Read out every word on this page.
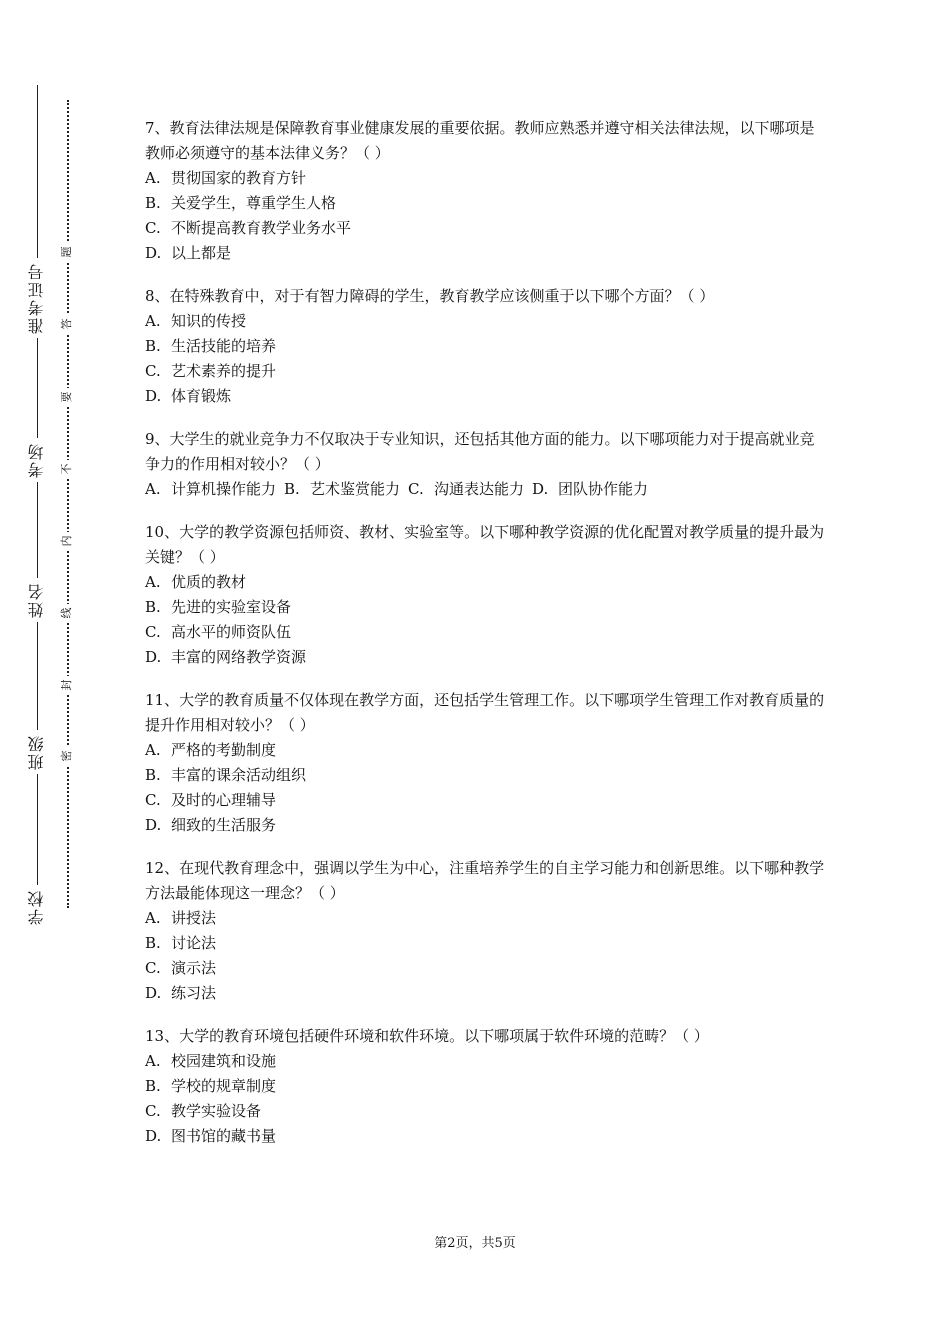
准考证号
考场
姓名
班级
学校
题
答
要
不
内
线
封
密

7、教育法律法规是保障教育事业健康发展的重要依据。教师应熟悉并遵守相关法律法规，以下哪项是教师必须遵守的基本法律义务？（ ）

A. 贯彻国家的教育方针

B. 关爱学生，尊重学生人格

C. 不断提高教育教学业务水平

D. 以上都是

8、在特殊教育中，对于有智力障碍的学生，教育教学应该侧重于以下哪个方面？（ ）

A. 知识的传授

B. 生活技能的培养

C. 艺术素养的提升

D. 体育锻炼

9、大学生的就业竞争力不仅取决于专业知识，还包括其他方面的能力。以下哪项能力对于提高就业竞争力的作用相对较小？（ ）

A. 计算机操作能力 B. 艺术鉴赏能力 C. 沟通表达能力 D. 团队协作能力

10、大学的教学资源包括师资、教材、实验室等。以下哪种教学资源的优化配置对教学质量的提升最为关键？（ ）

A. 优质的教材

B. 先进的实验室设备

C. 高水平的师资队伍

D. 丰富的网络教学资源

11、大学的教育质量不仅体现在教学方面，还包括学生管理工作。以下哪项学生管理工作对教育质量的提升作用相对较小？（ ）

A. 严格的考勤制度

B. 丰富的课余活动组织

C. 及时的心理辅导

D. 细致的生活服务

12、在现代教育理念中，强调以学生为中心，注重培养学生的自主学习能力和创新思维。以下哪种教学方法最能体现这一理念？（ ）

A. 讲授法

B. 讨论法

C. 演示法

D. 练习法

13、大学的教育环境包括硬件环境和软件环境。以下哪项属于软件环境的范畴？（ ）

A. 校园建筑和设施

B. 学校的规章制度

C. 教学实验设备

D. 图书馆的藏书量

第2页，共5页
